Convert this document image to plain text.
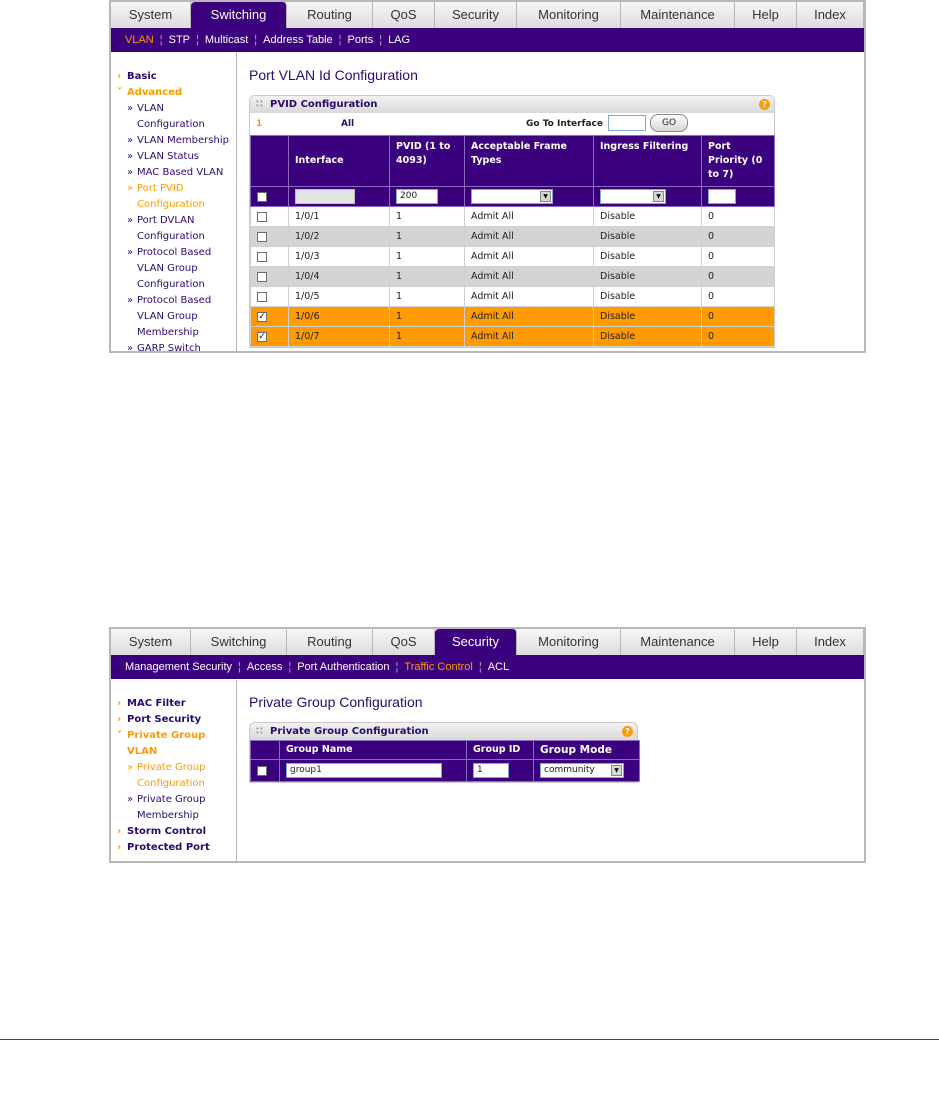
System	Switching	Routing	QoS	Security	Monitoring	Maintenance	Help	Index
VLAN ¦ STP ¦ Multicast ¦ Address Table ¦ Ports ¦ LAG
› Basic
˅ Advanced
» VLAN
Configuration
» VLAN Membership
» VLAN Status
» MAC Based VLAN
» Port PVID
Configuration
» Port DVLAN
Configuration
» Protocol Based
VLAN Group
Configuration
» Protocol Based
VLAN Group
Membership
» GARP Switch
Port VLAN Id Configuration
∷ PVID Configuration	?
1	All	Go To Interface	GO
	Interface	PVID (1 to 4093)	Acceptable Frame Types	Ingress Filtering	Port Priority (0 to 7)
		200	▼	▼	

	1/0/1	1	Admit All	Disable	0
	1/0/2	1	Admit All	Disable	0
	1/0/3	1	Admit All	Disable	0
	1/0/4	1	Admit All	Disable	0
	1/0/5	1	Admit All	Disable	0
✓	1/0/6	1	Admit All	Disable	0
✓	1/0/7	1	Admit All	Disable	0
System	Switching	Routing	QoS	Security	Monitoring	Maintenance	Help	Index
Management Security ¦ Access ¦ Port Authentication ¦ Traffic Control ¦ ACL
› MAC Filter
› Port Security
˅ Private Group
VLAN
» Private Group
Configuration
» Private Group
Membership
› Storm Control
› Protected Port
Private Group Configuration
∷ Private Group Configuration	?
	Group Name	Group ID	Group Mode
	group1	1	community ▼
